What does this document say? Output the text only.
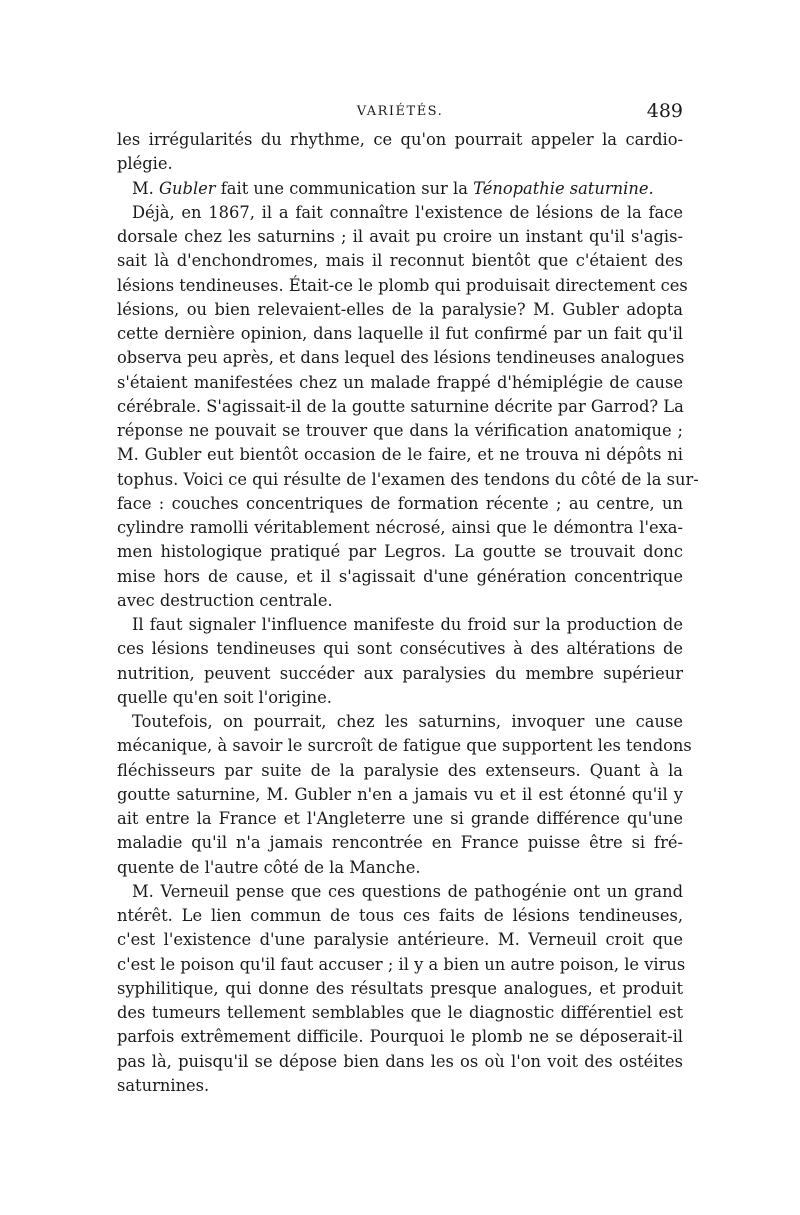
VARIÉTÉS.	489
les irrégularités du rhythme, ce qu'on pourrait appeler la cardio-
plégie.
M. Gubler fait une communication sur la Ténopathie saturnine.
Déjà, en 1867, il a fait connaître l'existence de lésions de la face
dorsale chez les saturnins ; il avait pu croire un instant qu'il s'agis-
sait là d'enchondromes, mais il reconnut bientôt que c'étaient des
lésions tendineuses. Était-ce le plomb qui produisait directement ces
lésions, ou bien relevaient-elles de la paralysie? M. Gubler adopta
cette dernière opinion, dans laquelle il fut confirmé par un fait qu'il
observa peu après, et dans lequel des lésions tendineuses analogues
s'étaient manifestées chez un malade frappé d'hémiplégie de cause
cérébrale. S'agissait-il de la goutte saturnine décrite par Garrod? La
réponse ne pouvait se trouver que dans la vérification anatomique ;
M. Gubler eut bientôt occasion de le faire, et ne trouva ni dépôts ni
tophus. Voici ce qui résulte de l'examen des tendons du côté de la sur-
face : couches concentriques de formation récente ; au centre, un
cylindre ramolli véritablement nécrosé, ainsi que le démontra l'exa-
men histologique pratiqué par Legros. La goutte se trouvait donc
mise hors de cause, et il s'agissait d'une génération concentrique
avec destruction centrale.
Il faut signaler l'influence manifeste du froid sur la production de
ces lésions tendineuses qui sont consécutives à des altérations de
nutrition, peuvent succéder aux paralysies du membre supérieur
quelle qu'en soit l'origine.
Toutefois, on pourrait, chez les saturnins, invoquer une cause
mécanique, à savoir le surcroît de fatigue que supportent les tendons
fléchisseurs par suite de la paralysie des extenseurs. Quant à la
goutte saturnine, M. Gubler n'en a jamais vu et il est étonné qu'il y
ait entre la France et l'Angleterre une si grande différence qu'une
maladie qu'il n'a jamais rencontrée en France puisse être si fré-
quente de l'autre côté de la Manche.
M. Verneuil pense que ces questions de pathogénie ont un grand
ntérêt. Le lien commun de tous ces faits de lésions tendineuses,
c'est l'existence d'une paralysie antérieure. M. Verneuil croit que
c'est le poison qu'il faut accuser ; il y a bien un autre poison, le virus
syphilitique, qui donne des résultats presque analogues, et produit
des tumeurs tellement semblables que le diagnostic différentiel est
parfois extrêmement difficile. Pourquoi le plomb ne se déposerait-il
pas là, puisqu'il se dépose bien dans les os où l'on voit des ostéites
saturnines.
